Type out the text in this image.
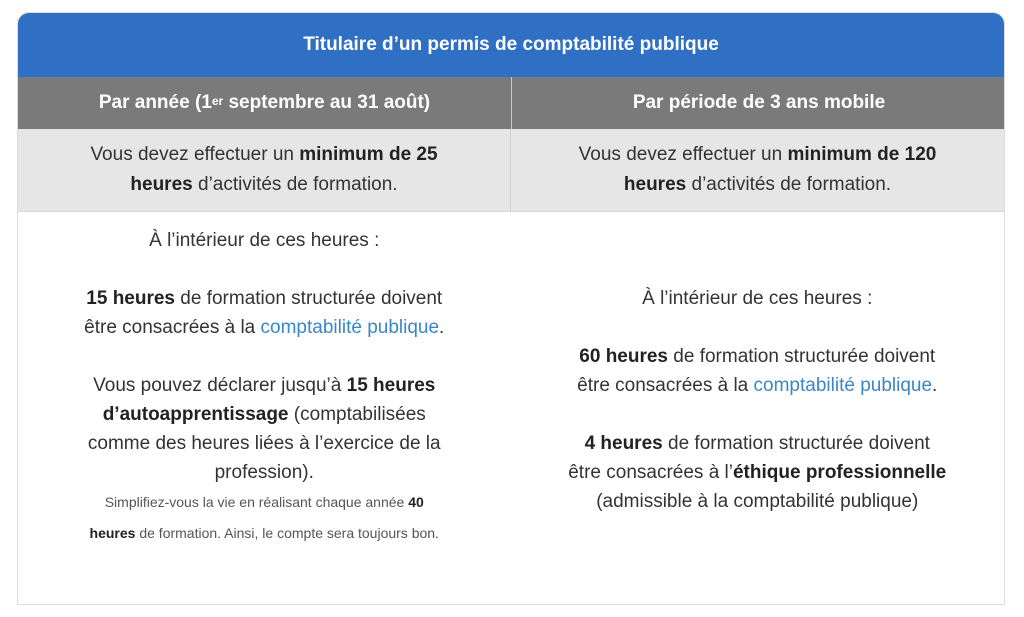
Titulaire d’un permis de comptabilité publique
Par année (1er septembre au 31 août)	Par période de 3 ans mobile

Vous devez effectuer un minimum de 25
heures d’activités de formation.

Vous devez effectuer un minimum de 120
heures d’activités de formation.

À l’intérieur de ces heures :

15 heures de formation structurée doivent
être consacrées à la comptabilité publique.

Vous pouvez déclarer jusqu’à 15 heures
d’autoapprentissage (comptabilisées
comme des heures liées à l’exercice de la
profession).

Simplifiez-vous la vie en réalisant chaque année 40
heures de formation. Ainsi, le compte sera toujours bon.

À l’intérieur de ces heures :

60 heures de formation structurée doivent
être consacrées à la comptabilité publique.

4 heures de formation structurée doivent
être consacrées à l’éthique professionnelle
(admissible à la comptabilité publique)
